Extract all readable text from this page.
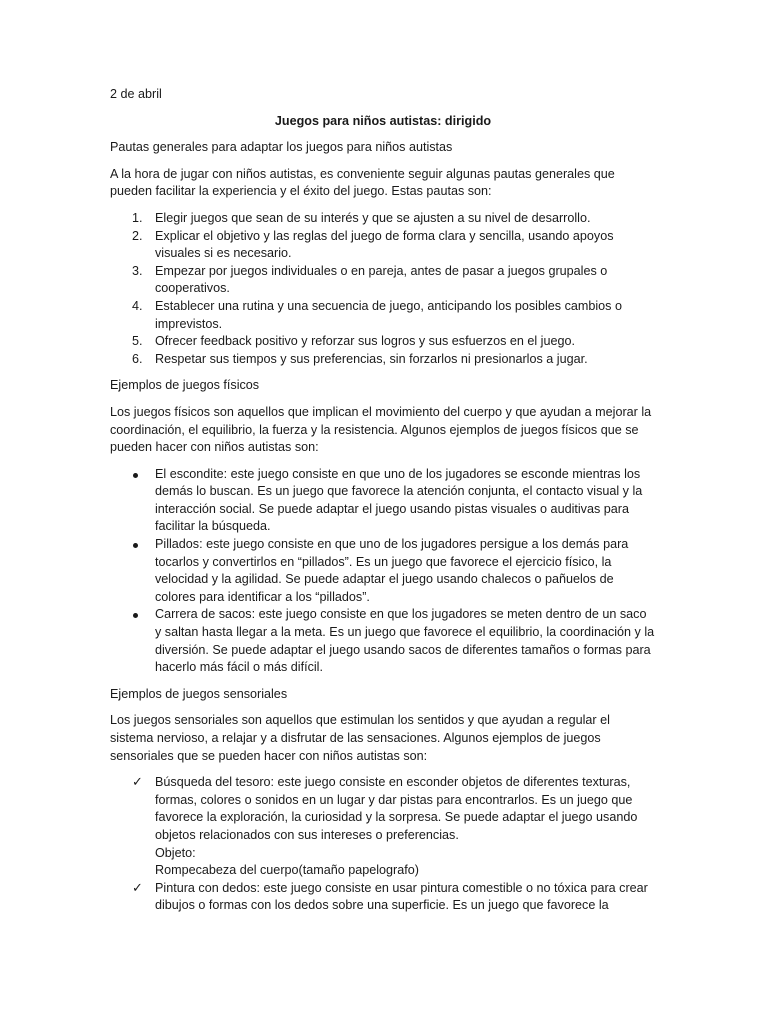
2 de abril

Juegos para niños autistas: dirigido

Pautas generales para adaptar los juegos para niños autistas

A la hora de jugar con niños autistas, es conveniente seguir algunas pautas generales que pueden facilitar la experiencia y el éxito del juego. Estas pautas son:

1. Elegir juegos que sean de su interés y que se ajusten a su nivel de desarrollo.
2. Explicar el objetivo y las reglas del juego de forma clara y sencilla, usando apoyos visuales si es necesario.
3. Empezar por juegos individuales o en pareja, antes de pasar a juegos grupales o cooperativos.
4. Establecer una rutina y una secuencia de juego, anticipando los posibles cambios o imprevistos.
5. Ofrecer feedback positivo y reforzar sus logros y sus esfuerzos en el juego.
6. Respetar sus tiempos y sus preferencias, sin forzarlos ni presionarlos a jugar.

Ejemplos de juegos físicos

Los juegos físicos son aquellos que implican el movimiento del cuerpo y que ayudan a mejorar la coordinación, el equilibrio, la fuerza y la resistencia. Algunos ejemplos de juegos físicos que se pueden hacer con niños autistas son:

El escondite: este juego consiste en que uno de los jugadores se esconde mientras los demás lo buscan. Es un juego que favorece la atención conjunta, el contacto visual y la interacción social. Se puede adaptar el juego usando pistas visuales o auditivas para facilitar la búsqueda.
Pillados: este juego consiste en que uno de los jugadores persigue a los demás para tocarlos y convertirlos en “pillados”. Es un juego que favorece el ejercicio físico, la velocidad y la agilidad. Se puede adaptar el juego usando chalecos o pañuelos de colores para identificar a los “pillados”.
Carrera de sacos: este juego consiste en que los jugadores se meten dentro de un saco y saltan hasta llegar a la meta. Es un juego que favorece el equilibrio, la coordinación y la diversión. Se puede adaptar el juego usando sacos de diferentes tamaños o formas para hacerlo más fácil o más difícil.

Ejemplos de juegos sensoriales

Los juegos sensoriales son aquellos que estimulan los sentidos y que ayudan a regular el sistema nervioso, a relajar y a disfrutar de las sensaciones. Algunos ejemplos de juegos sensoriales que se pueden hacer con niños autistas son:

✓ Búsqueda del tesoro: este juego consiste en esconder objetos de diferentes texturas, formas, colores o sonidos en un lugar y dar pistas para encontrarlos. Es un juego que favorece la exploración, la curiosidad y la sorpresa. Se puede adaptar el juego usando objetos relacionados con sus intereses o preferencias.
Objeto:
Rompecabeza del cuerpo(tamaño papelografo)
✓ Pintura con dedos: este juego consiste en usar pintura comestible o no tóxica para crear dibujos o formas con los dedos sobre una superficie. Es un juego que favorece la
